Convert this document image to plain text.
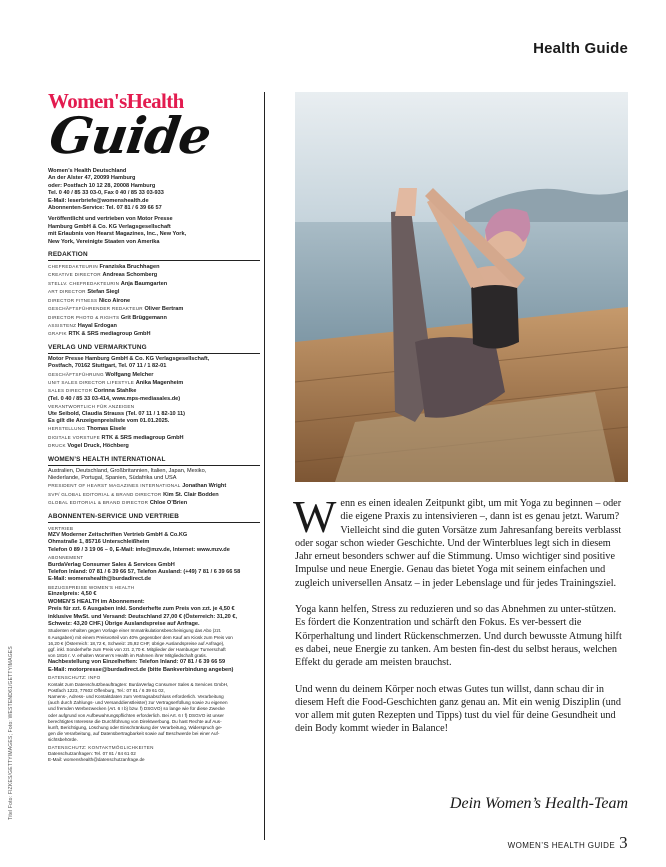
Health Guide
Women'sHealth
Guide

Women’s Health Deutschland

An der Alster 47, 20099 Hamburg

oder: Postfach 10 12 28, 20008 Hamburg

Tel. 0 40 / 85 33 03-0, Fax 0 40 / 85 33 03-933

E-Mail: leserbriefe@womenshealth.de

Abonnenten-Service: Tel. 07 81 / 6 39 66 57

Veröffentlicht und vertrieben von Motor Presse

Hamburg GmbH & Co. KG Verlagsgesellschaft

mit Erlaubnis von Hearst Magazines, Inc., New York,

New York, Vereinigte Staaten von Amerika

REDAKTION

CHEFREDAKTEURIN Franziska Bruchhagen

CREATIVE DIRECTOR Andreas Schomberg

STELLV. CHEFREDAKTEURIN Anja Baumgarten

ART DIRECTOR Stefan Siegl

DIRECTOR FITNESS Nico Airone

GESCHÄFTSFÜHRENDER REDAKTEUR Oliver Bertram

DIRECTOR PHOTO & RIGHTS Grit Brüggemann

ASSISTENZ Hayal Erdogan

GRAFIK RTK & SRS mediagroup GmbH

VERLAG UND VERMARKTUNG

Motor Presse Hamburg GmbH & Co. KG Verlagsgesellschaft,

Postfach, 70162 Stuttgart, Tel. 07 11 / 1 82-01

GESCHÄFTSFÜHRUNG Wolfgang Melcher

UNIT SALES DIRECTOR LIFESTYLE Anika Magenheim

SALES DIRECTOR Corinna Stahlke

(Tel. 0 40 / 85 33 03-414, www.mps-mediasales.de)

VERANTWORTLICH FÜR ANZEIGEN

Ute Seibold, Claudia Strauss (Tel. 07 11 / 1 82-10 11)

Es gilt die Anzeigenpreisliste vom 01.01.2025.

HERSTELLUNG Thomas Eisele

DIGITALE VORSTUFE RTK & SRS mediagroup GmbH

DRUCK Vogel Druck, Höchberg

WOMEN’S HEALTH INTERNATIONAL

Australien, Deutschland, Großbritannien, Italien, Japan, Mexiko,

Niederlande, Portugal, Spanien, Südafrika und USA

PRESIDENT OF HEARST MAGAZINES INTERNATIONAL Jonathan Wright

SVP/ GLOBAL EDITORIAL & BRAND DIRECTOR Kim St. Clair Bodden

GLOBAL EDITORIAL & BRAND DIRECTOR Chloe O’Brien

ABONNENTEN-SERVICE UND VERTRIEB

VERTRIEB

MZV Moderner Zeitschriften Vertrieb GmbH & Co.KG

Ohmstraße 1, 85716 Unterschleißheim

Telefon 0 89 / 3 19 06 – 0, E-Mail: info@mzv.de, Internet: www.mzv.de

ABONNEMENT

BurdaVerlag Consumer Sales & Services GmbH

Telefon Inland: 07 81 / 6 39 66 57, Telefon Ausland: (+49) 7 81 / 6 39 66 58

E-Mail: womenshealth@burdadirect.de

BEZUGSPREISE WOMEN’S HEALTH

Einzelpreis: 4,50 €

WOMEN’S HEALTH im Abonnement:

Preis für zzt. 6 Ausgaben inkl. Sonderhefte zum Preis von zzt. je 4,50 €

inklusive MwSt. und Versand: Deutschland 27,00 € (Österreich: 31,20 €,

Schweiz: 43,20 CHF.) Übrige Auslandspreise auf Anfrage.

Studenten erhalten gegen Vorlage einer Immatrikulationsbescheinigung das Abo (zzt.

6 Ausgaben) mit einem Preisvorteil von 40% gegenüber dem Kauf am Kiosk zum Preis von

16,20 € (Österreich: 18,72 €, Schweiz: 25,92 CHF, übrige Auslandspreise auf Anfrage),

ggf. inkl. Sonderhefte zum Preis von zzt. 2,70 €. Mitglieder der Hamburger Turnerschaft

von 1816 r. V. erhalten Women’s Health im Rahmen ihrer Mitgliedschaft gratis.

Nachbestellung von Einzelheften: Telefon Inland: 07 81 / 6 39 66 59

E-Mail: motorpresse@burdadirect.de (bitte Bankverbindung angeben)

DATENSCHUTZ: INFO

Kontakt zum Datenschutzbeauftragten: BurdaVerlag Consumer Sales & Services GmbH,

Postfach 1223, 77602 Offenburg, Tel.: 07 81 / 6 39 61 02,

Namens-, Adress- und Kontaktdaten zum Vertragsabschluss erforderlich. Verarbeitung

(auch durch Zahlungs- und Versanddienstleister) zur Vertragserfüllung sowie zu eigenen

und fremden Werbezwecken (Art. 6 I b) bzw. f) DSGVO) so lange wie für diese Zwecke

oder aufgrund von Aufbewahrungspflichten erforderlich. Bei Art. 6 I f) DSGVO ist unser

berechtigtes Interesse die Durchführung von Direktwerbung. Du hast Rechte auf Aus-

kunft, Berichtigung, Löschung oder Einschränkung der Verarbeitung, Widerspruch ge-

gen die Verarbeitung, auf Datenübertragbarkeit sowie auf Beschwerde bei einer Auf-

sichtsbehörde.

DATENSCHUTZ: KONTAKTMÖGLICHKEITEN

Datenschutzanfragen: Tel. 07 81 / 84 61 02

E-Mail: womenshealth@datenschutzanfrage.de

Titel Foto: FIZKES/GETTYIMAGES; Foto: WESTEND61/GETTYIMAGES

Wenn es einen idealen Zeitpunkt gibt, um mit Yoga zu beginnen – oder die eigene Praxis zu intensivieren –, dann ist es genau jetzt. Warum? Vielleicht sind die guten Vorsätze zum Jahresanfang bereits verblasst oder sogar schon wieder Geschichte. Und der Winterblues legt sich in diesem Jahr erneut besonders schwer auf die Stimmung. Umso wichtiger sind positive Impulse und neue Energie. Genau das bietet Yoga mit seinem einfachen und zugleich universellen Ansatz – in jeder Lebenslage und für jedes Trainingsziel.

Yoga kann helfen, Stress zu reduzieren und so das Abnehmen zu unter-stützen. Es fördert die Konzentration und schärft den Fokus. Es ver-bessert die Körperhaltung und lindert Rückenschmerzen. Und durch bewusste Atmung hilft es dabei, neue Energie zu tanken. Am besten fin-dest du selbst heraus, welchen Effekt du gerade am meisten brauchst.

Und wenn du deinem Körper noch etwas Gutes tun willst, dann schau dir in diesem Heft die Food-Geschichten ganz genau an. Mit ein wenig Disziplin (und vor allem mit guten Rezepten und Tipps) tust du viel für deine Gesundheit und dein Body kommt wieder in Balance!

Dein Women’s Health-Team
WOMEN’S HEALTH GUIDE 3
